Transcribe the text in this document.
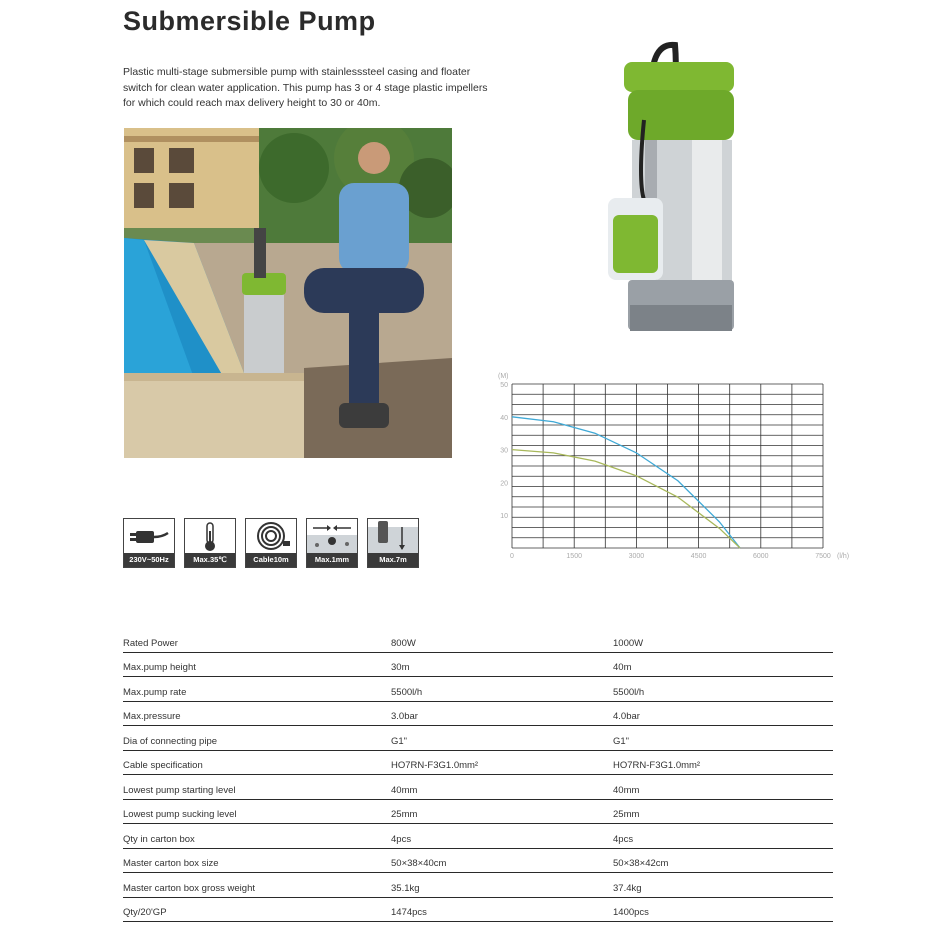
Submersible Pump
Plastic multi-stage submersible pump with stainlesssteel casing and floater switch for clean water application. This pump has 3 or 4 stage plastic impellers for which could reach max delivery height to 30 or 40m.
230V~50Hz	Max.35℃	Cable10m	Max.1mm	Max.7m
10
20
30
40
50
0	1500	3000	4500	6000	7500
(M)
(l/h)
Rated Power	800W	1000W
Max.pump height	30m	40m
Max.pump rate	5500l/h	5500l/h
Max.pressure	3.0bar	4.0bar
Dia of connecting pipe	G1"	G1"
Cable specification	HO7RN-F3G1.0mm²	HO7RN-F3G1.0mm²
Lowest pump starting level	40mm	40mm
Lowest pump sucking level	25mm	25mm
Qty in carton box	4pcs	4pcs
Master carton box size	50×38×40cm	50×38×42cm
Master carton box gross weight	35.1kg	37.4kg
Qty/20'GP	1474pcs	1400pcs
